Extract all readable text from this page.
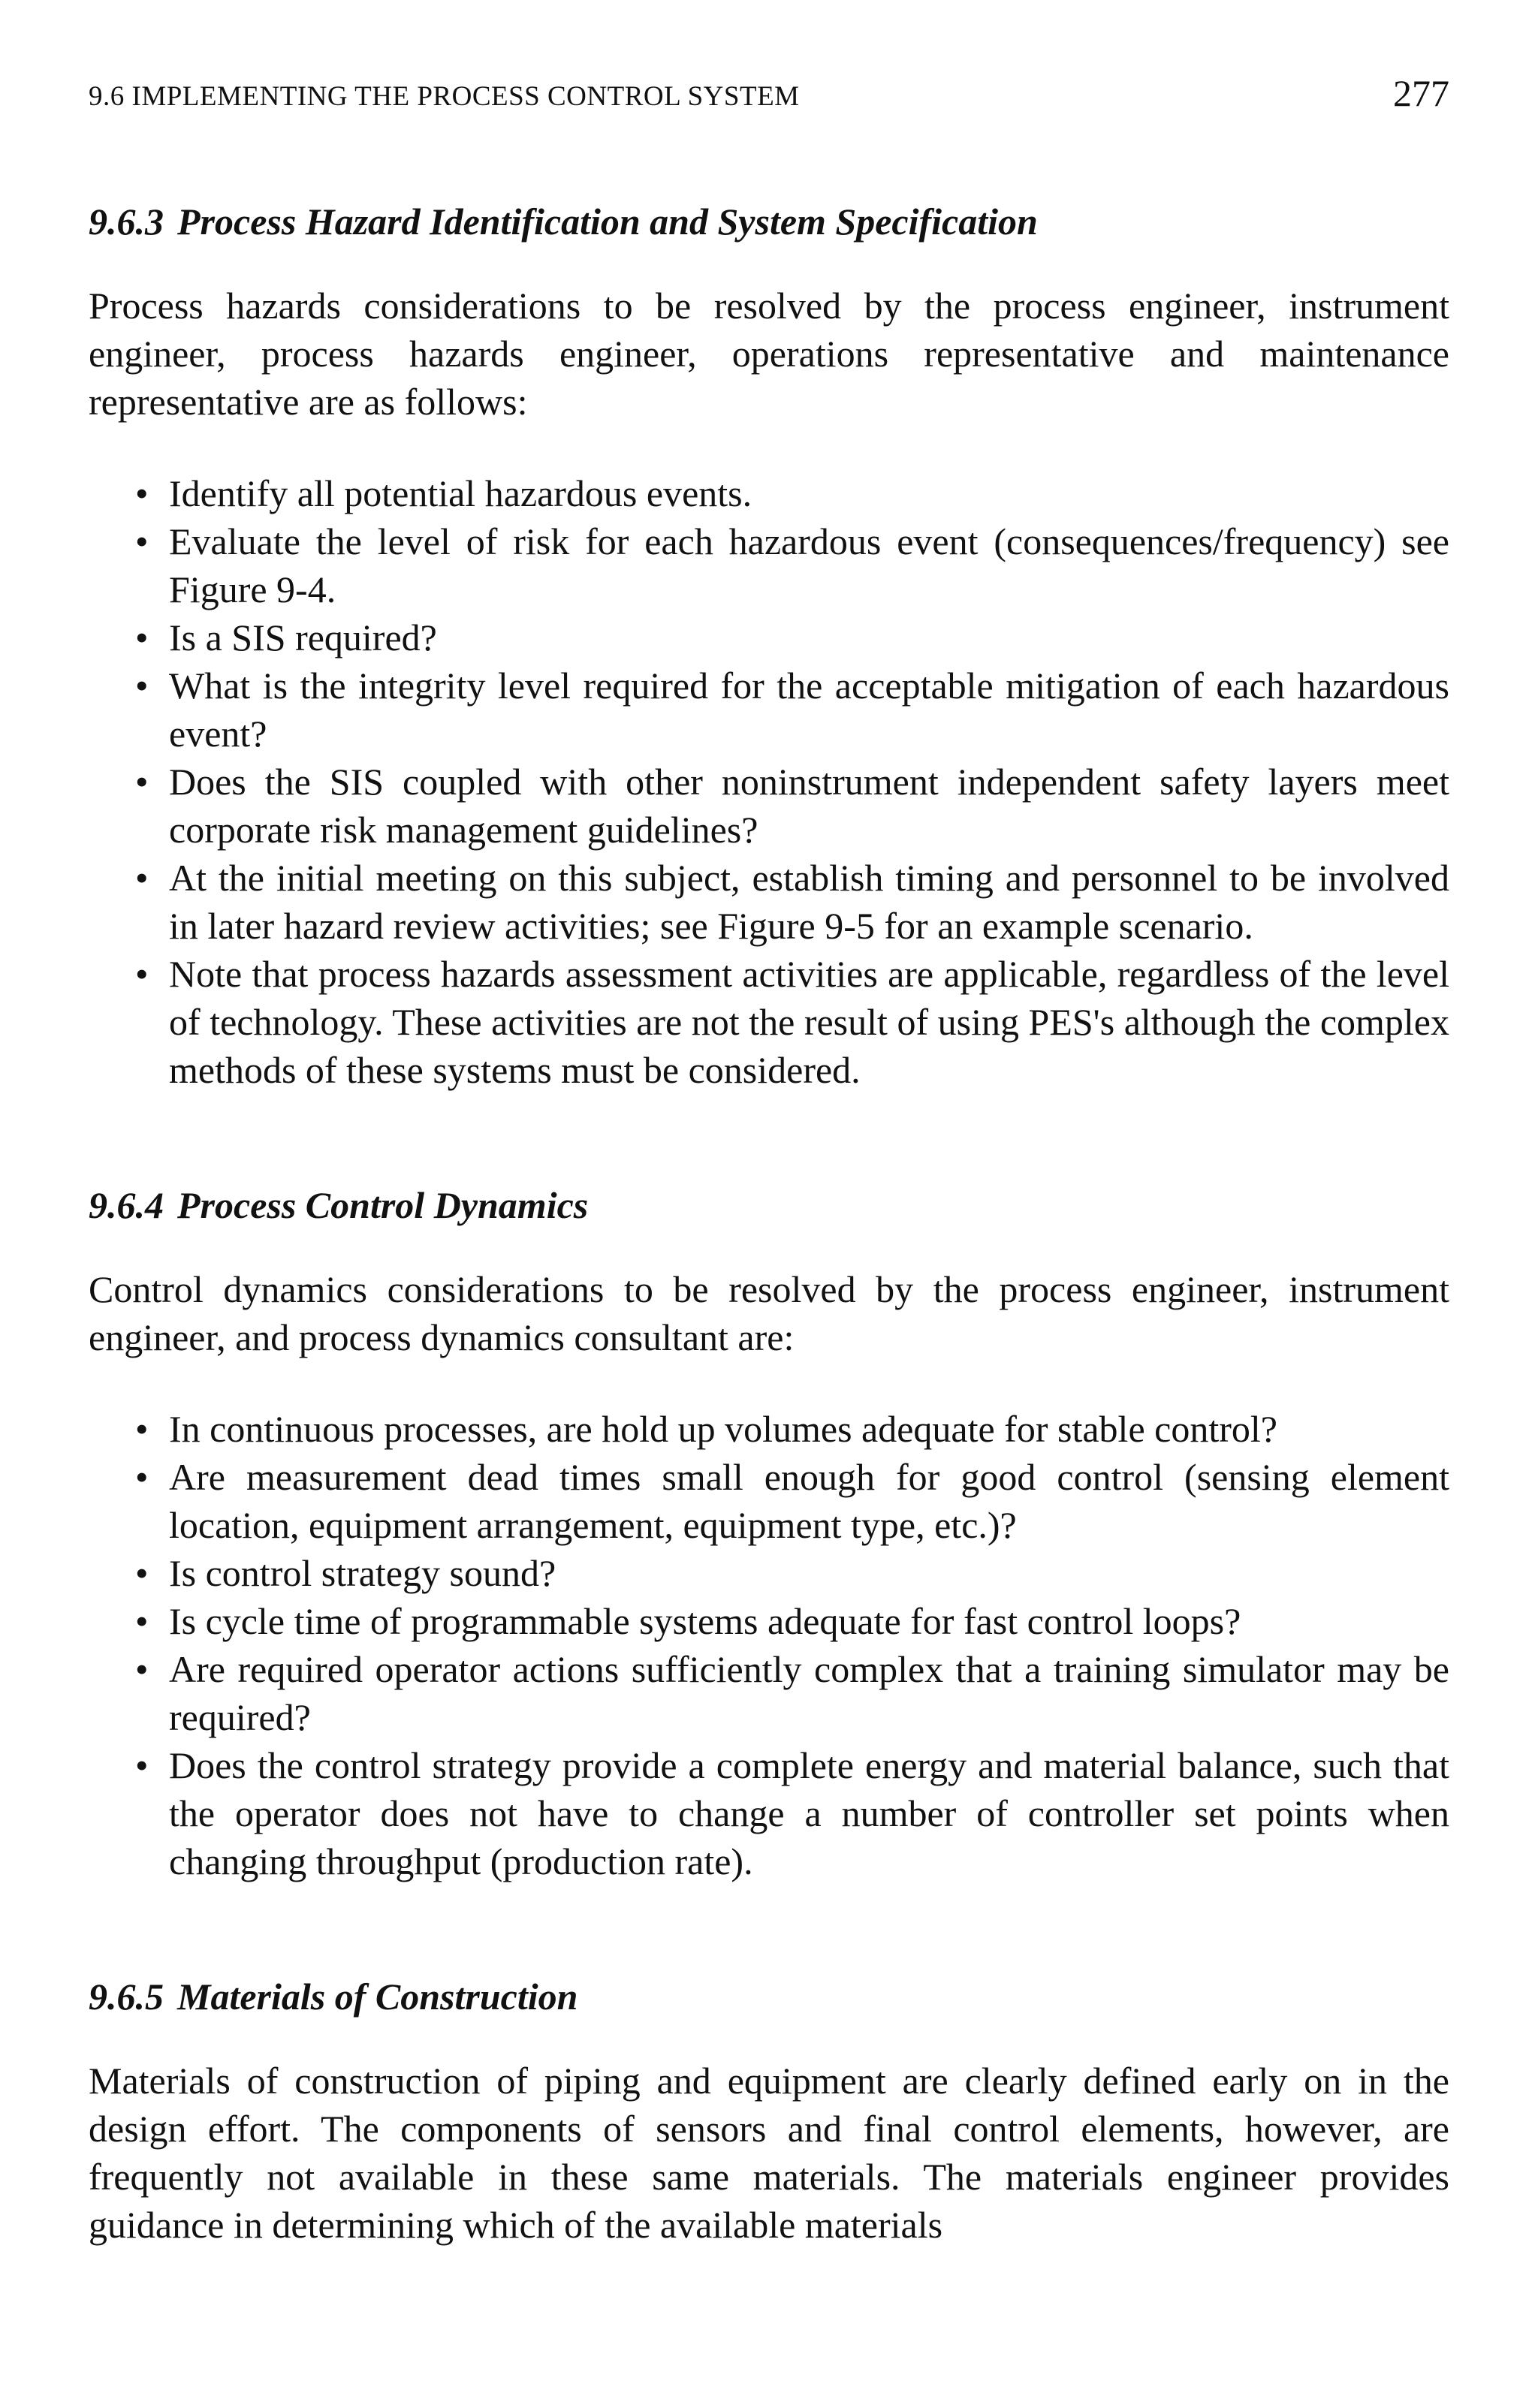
9.6 IMPLEMENTING THE PROCESS CONTROL SYSTEM	277
9.6.3 Process Hazard Identification and System Specification

Process hazards considerations to be resolved by the process engineer, instrument engineer, process hazards engineer, operations representative and maintenance representative are as follows:

• Identify all potential hazardous events.
• Evaluate the level of risk for each hazardous event (consequences/frequency) see Figure 9-4.
• Is a SIS required?
• What is the integrity level required for the acceptable mitigation of each hazardous event?
• Does the SIS coupled with other noninstrument independent safety layers meet corporate risk management guidelines?
• At the initial meeting on this subject, establish timing and personnel to be involved in later hazard review activities; see Figure 9-5 for an example scenario.
• Note that process hazards assessment activities are applicable, regardless of the level of technology. These activities are not the result of using PES's although the complex methods of these systems must be considered.
9.6.4 Process Control Dynamics

Control dynamics considerations to be resolved by the process engineer, instrument engineer, and process dynamics consultant are:

• In continuous processes, are hold up volumes adequate for stable control?
• Are measurement dead times small enough for good control (sensing element location, equipment arrangement, equipment type, etc.)?
• Is control strategy sound?
• Is cycle time of programmable systems adequate for fast control loops?
• Are required operator actions sufficiently complex that a training simulator may be required?
• Does the control strategy provide a complete energy and material balance, such that the operator does not have to change a number of controller set points when changing throughput (production rate).
9.6.5 Materials of Construction

Materials of construction of piping and equipment are clearly defined early on in the design effort. The components of sensors and final control elements, however, are frequently not available in these same materials. The materials engineer provides guidance in determining which of the available materials
